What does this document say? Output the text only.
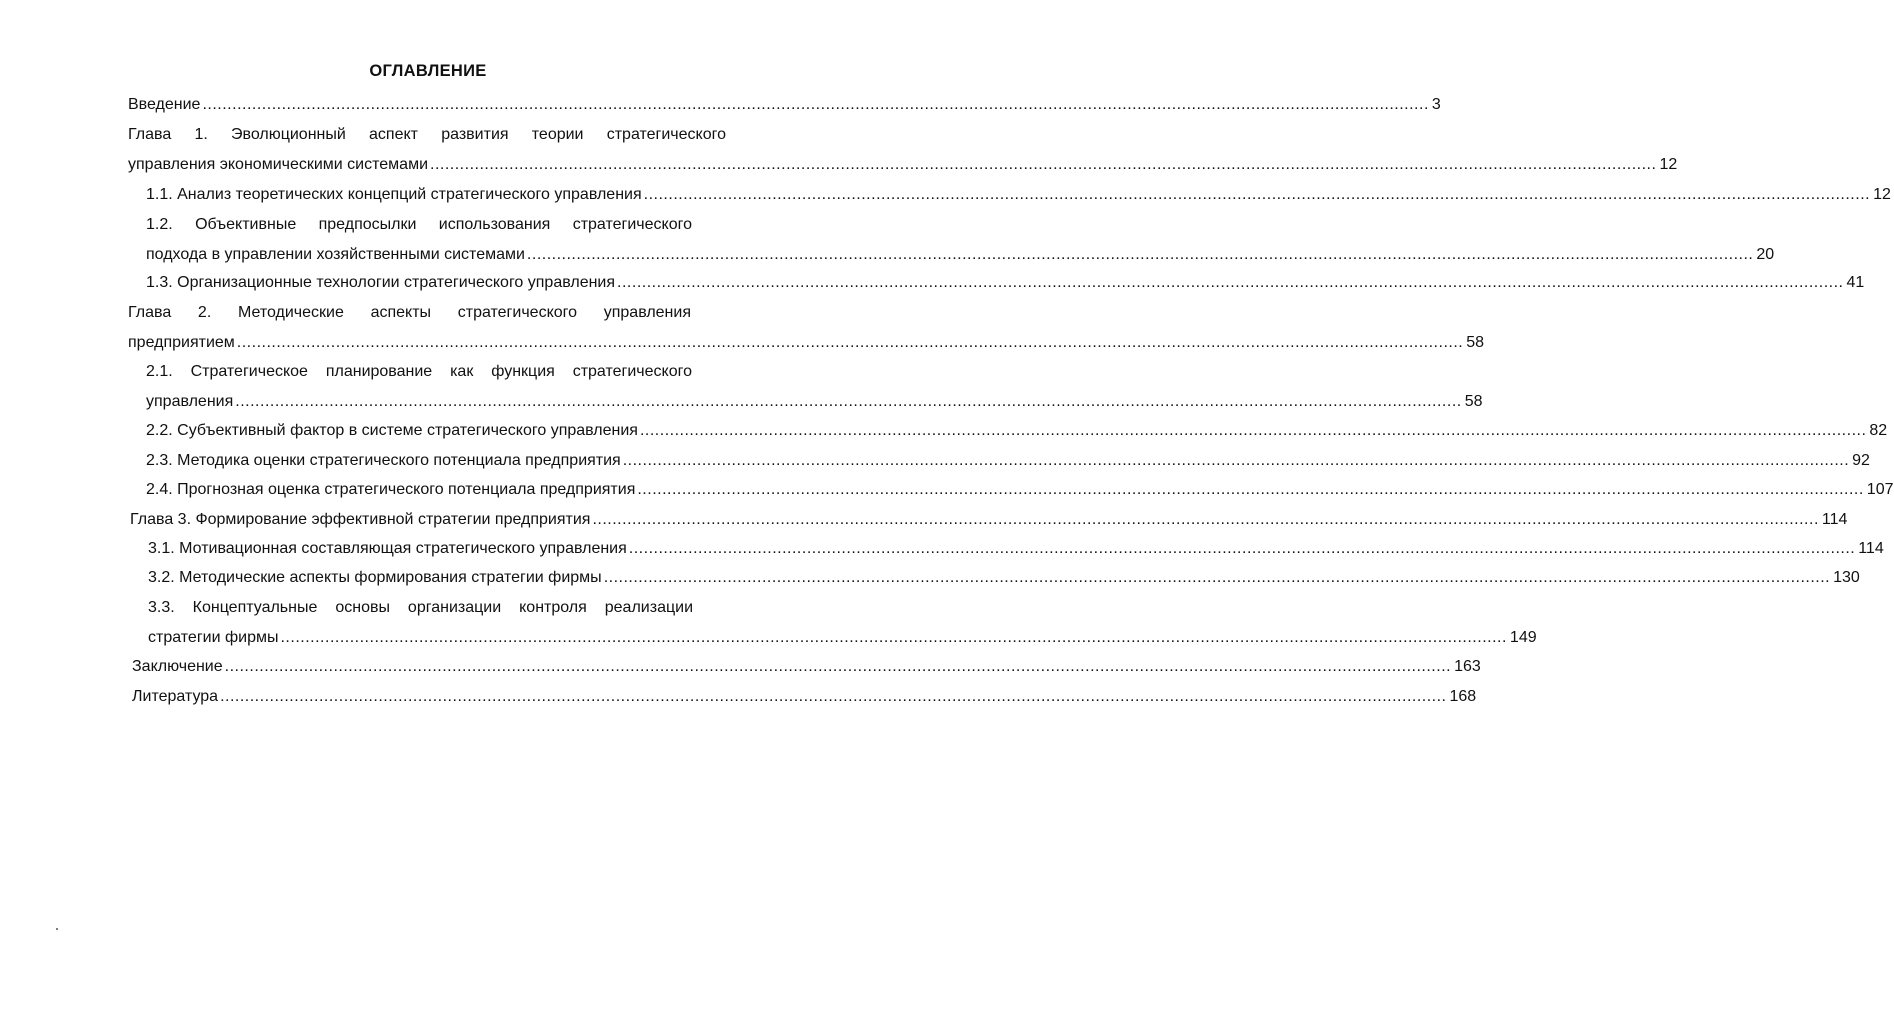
ОГЛАВЛЕНИЕ
Введение .....	3
Глава 1. Эволюционный аспект развития теории стратегического
управления экономическими системами .....	12
1.1. Анализ теоретических концепций стратегического управления .....	12
1.2. Объективные предпосылки использования стратегического
подхода в управлении хозяйственными системами .....	20
1.3. Организационные технологии стратегического управления .....	41
Глава 2. Методические аспекты стратегического управления
предприятием .....	58
2.1. Стратегическое планирование как функция стратегического
управления .....	58
2.2. Субъективный фактор в системе стратегического управления .....	82
2.3. Методика оценки стратегического потенциала предприятия .....	92
2.4. Прогнозная оценка стратегического потенциала предприятия .....	107
Глава 3. Формирование эффективной стратегии предприятия .....	114
3.1. Мотивационная составляющая стратегического управления .....	114
3.2. Методические аспекты формирования стратегии фирмы .....	130
3.3. Концептуальные основы организации контроля реализации
стратегии фирмы .....	149
Заключение .....	163
Литература .....	168
